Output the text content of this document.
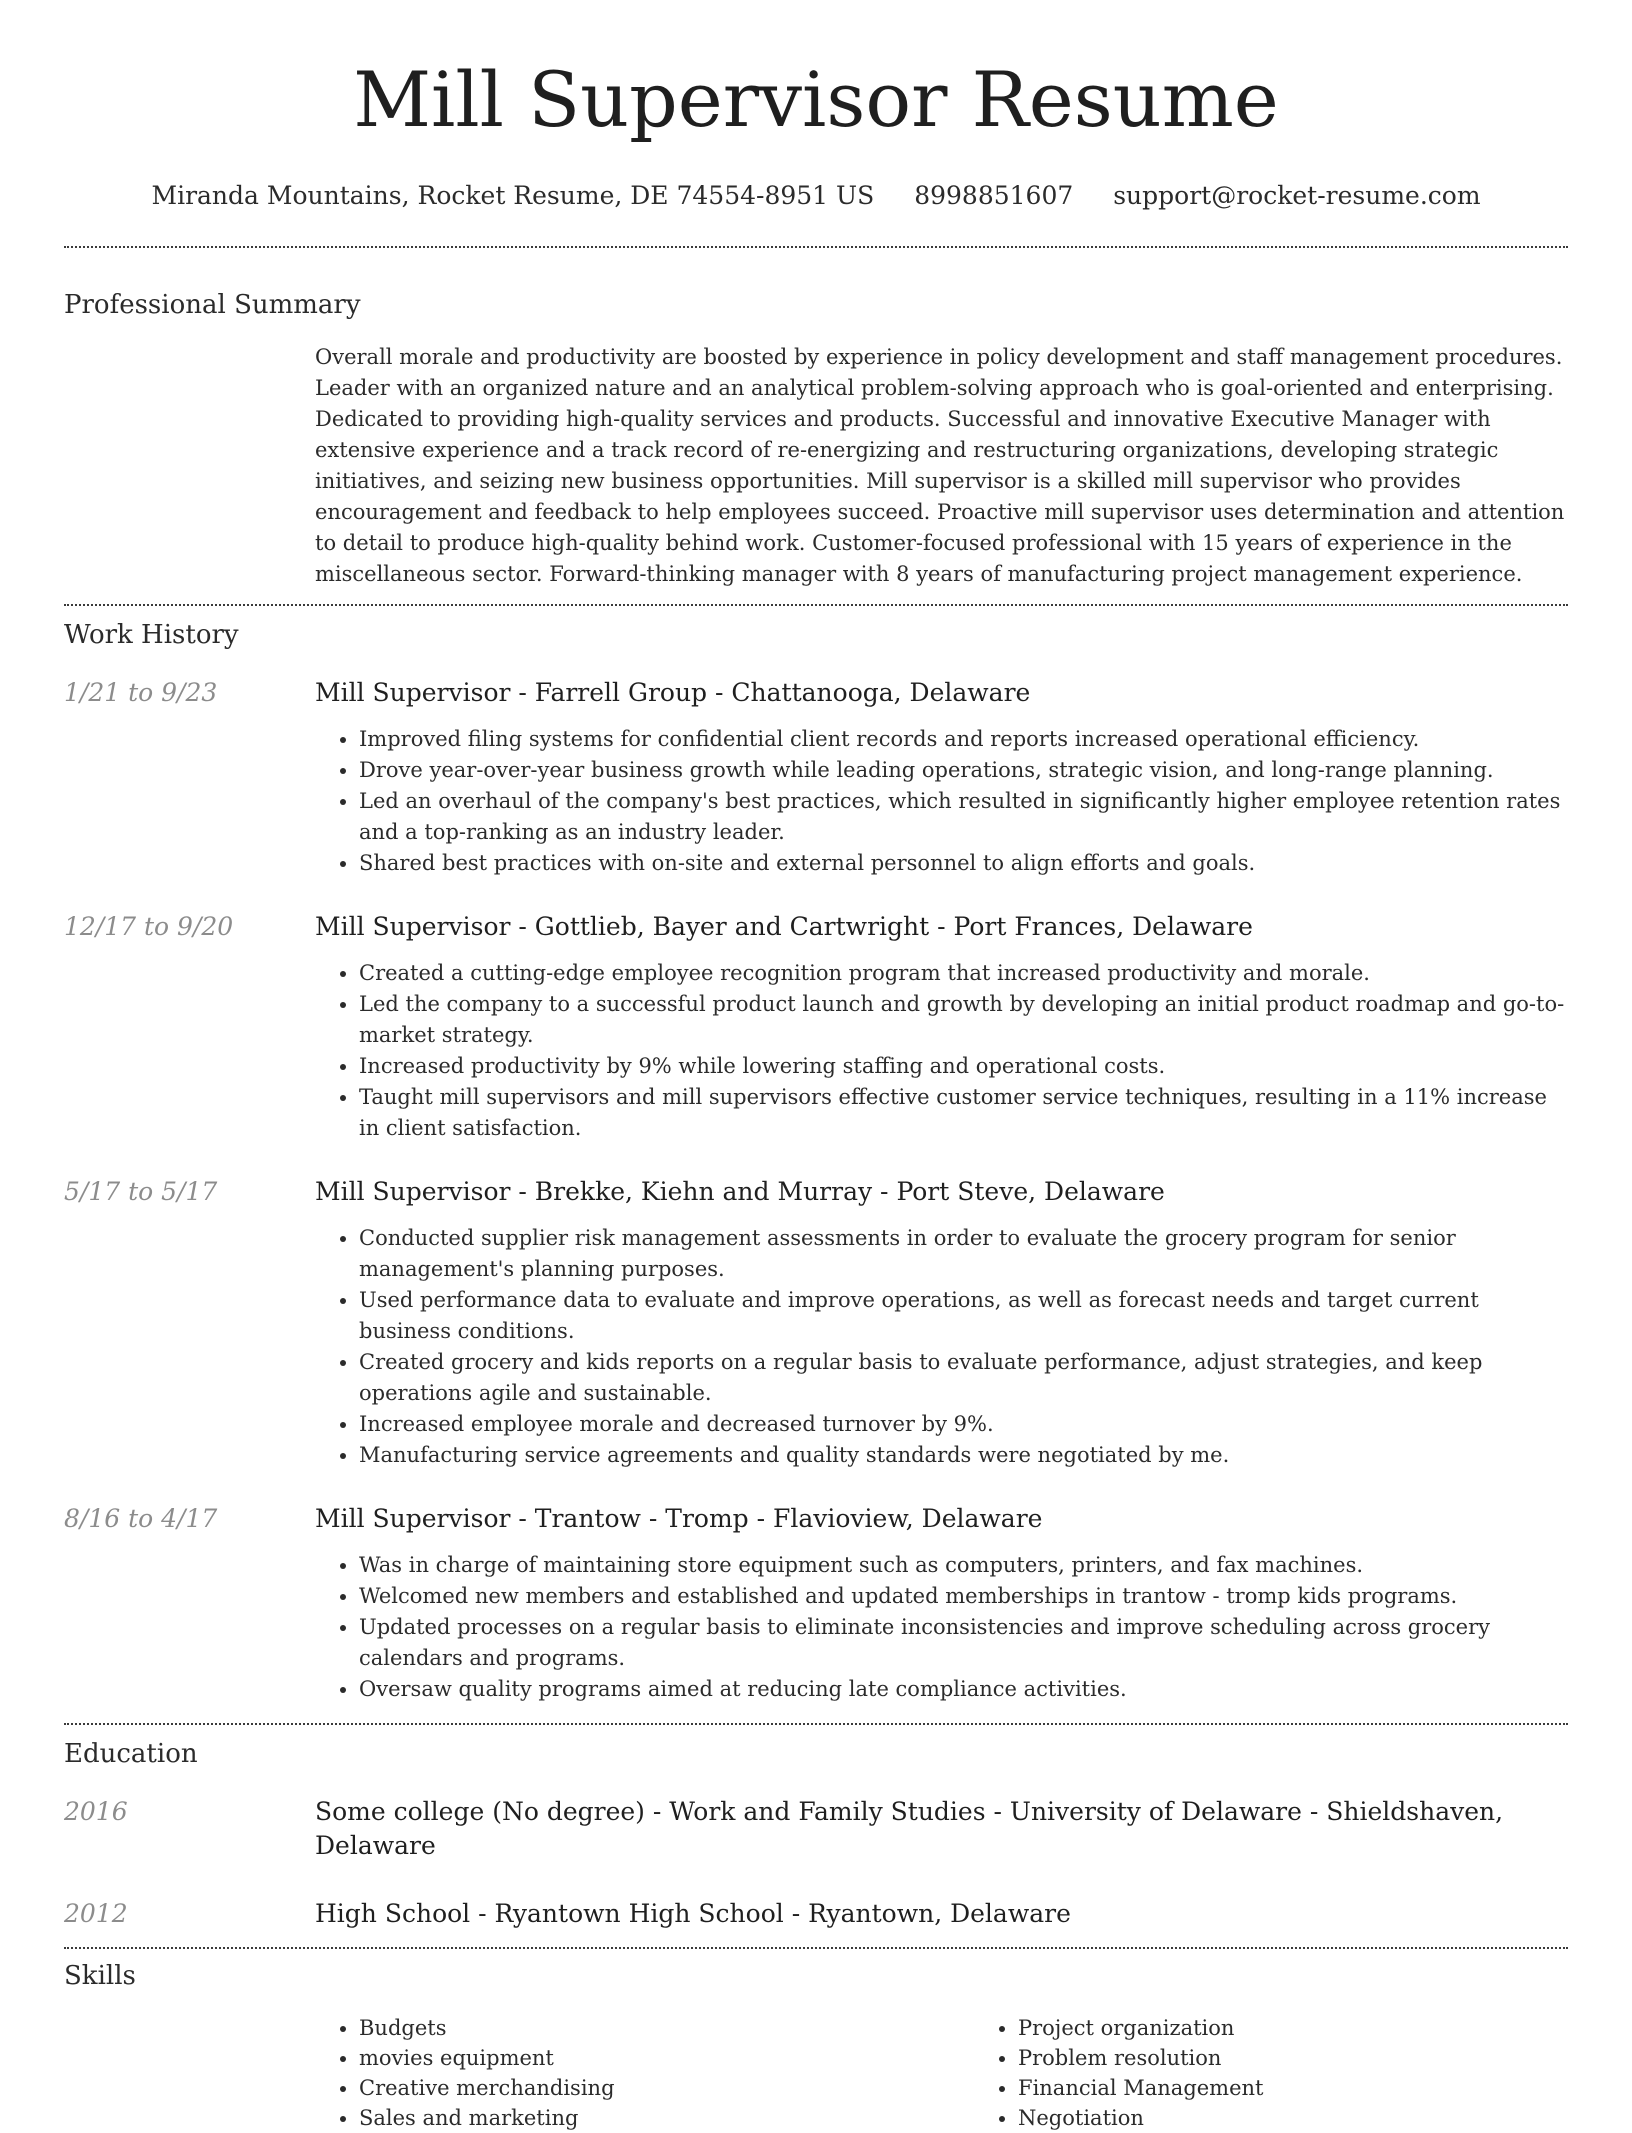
Mill Supervisor Resume
Miranda Mountains, Rocket Resume, DE 74554-8951 US 8998851607 support@rocket-resume.com
Professional Summary

Overall morale and productivity are boosted by experience in policy development and staff management procedures. Leader with an organized nature and an analytical problem-solving approach who is goal-oriented and enterprising. Dedicated to providing high-quality services and products. Successful and innovative Executive Manager with extensive experience and a track record of re-energizing and restructuring organizations, developing strategic initiatives, and seizing new business opportunities. Mill supervisor is a skilled mill supervisor who provides encouragement and feedback to help employees succeed. Proactive mill supervisor uses determination and attention to detail to produce high-quality behind work. Customer-focused professional with 15 years of experience in the miscellaneous sector. Forward-thinking manager with 8 years of manufacturing project management experience.

Work History
1/21 to 9/23	Mill Supervisor - Farrell Group - Chattanooga, Delaware
• Improved filing systems for confidential client records and reports increased operational efficiency.
• Drove year-over-year business growth while leading operations, strategic vision, and long-range planning.
• Led an overhaul of the company's best practices, which resulted in significantly higher employee retention rates and a top-ranking as an industry leader.
• Shared best practices with on-site and external personnel to align efforts and goals.
12/17 to 9/20	Mill Supervisor - Gottlieb, Bayer and Cartwright - Port Frances, Delaware
• Created a cutting-edge employee recognition program that increased productivity and morale.
• Led the company to a successful product launch and growth by developing an initial product roadmap and go-to-market strategy.
• Increased productivity by 9% while lowering staffing and operational costs.
• Taught mill supervisors and mill supervisors effective customer service techniques, resulting in a 11% increase in client satisfaction.
5/17 to 5/17	Mill Supervisor - Brekke, Kiehn and Murray - Port Steve, Delaware
• Conducted supplier risk management assessments in order to evaluate the grocery program for senior management's planning purposes.
• Used performance data to evaluate and improve operations, as well as forecast needs and target current business conditions.
• Created grocery and kids reports on a regular basis to evaluate performance, adjust strategies, and keep operations agile and sustainable.
• Increased employee morale and decreased turnover by 9%.
• Manufacturing service agreements and quality standards were negotiated by me.
8/16 to 4/17	Mill Supervisor - Trantow - Tromp - Flavioview, Delaware
• Was in charge of maintaining store equipment such as computers, printers, and fax machines.
• Welcomed new members and established and updated memberships in trantow - tromp kids programs.
• Updated processes on a regular basis to eliminate inconsistencies and improve scheduling across grocery calendars and programs.
• Oversaw quality programs aimed at reducing late compliance activities.
Education
2016	Some college (No degree) - Work and Family Studies - University of Delaware - Shieldshaven, Delaware
2012	High School - Ryantown High School - Ryantown, Delaware
Skills
• Budgets
• movies equipment
• Creative merchandising
• Sales and marketing
• Project organization
• Problem resolution
• Financial Management
• Negotiation
